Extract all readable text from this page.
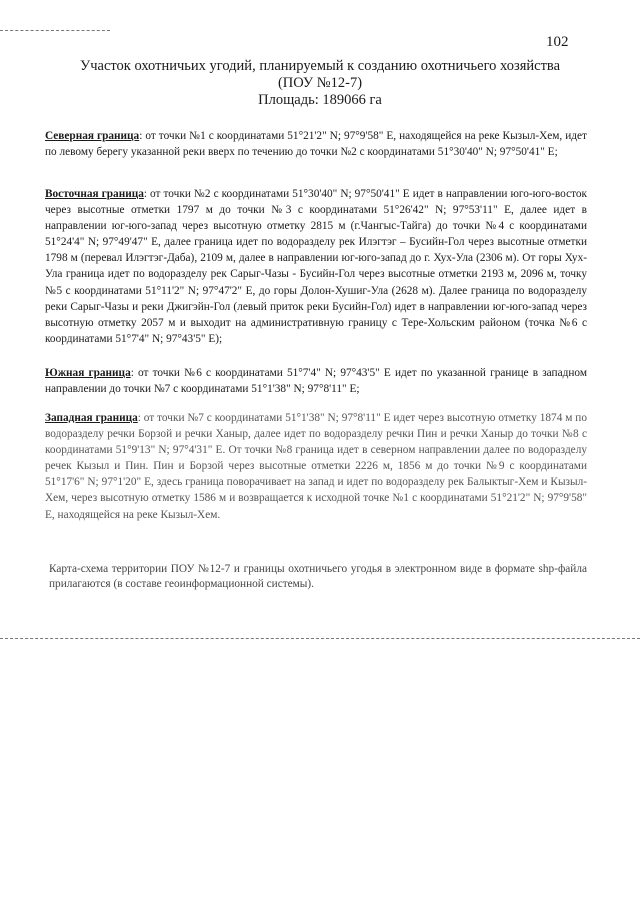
102
Участок охотничьих угодий, планируемый к созданию охотничьего хозяйства
(ПОУ №12-7)
Площадь: 189066 га
Северная граница: от точки №1 с координатами 51°21'2" N; 97°9'58" E, находящейся на реке Кызыл-Хем, идет по левому берегу указанной реки вверх по течению до точки №2 с координатами 51°30'40" N; 97°50'41" E;
Восточная граница: от точки №2 с координатами 51°30'40" N; 97°50'41" E идет в направлении юго-юго-восток через высотные отметки 1797 м до точки №3 с координатами 51°26'42" N; 97°53'11" E, далее идет в направлении юг-юго-запад через высотную отметку 2815 м (г.Чангыс-Тайга) до точки №4 с координатами 51°24'4" N; 97°49'47" E, далее граница идет по водоразделу рек Илэгтэг – Бусийн-Гол через высотные отметки 1798 м (перевал Илэгтэг-Даба), 2109 м, далее в направлении юг-юго-запад до г. Хух-Ула (2306 м). От горы Хух-Ула граница идет по водоразделу рек Сарыг-Чазы - Бусийн-Гол через высотные отметки 2193 м, 2096 м, точку №5 с координатами 51°11'2" N; 97°47'2" E, до горы Долон-Хушиг-Ула (2628 м). Далее граница по водоразделу реки Сарыг-Чазы и реки Джигэйн-Гол (левый приток реки Бусийн-Гол) идет в направлении юг-юго-запад через высотную отметку 2057 м и выходит на административную границу с Тере-Хольским районом (точка №6 с координатами 51°7'4" N; 97°43'5" E);
Южная граница: от точки №6 с координатами 51°7'4" N; 97°43'5" E идет по указанной границе в западном направлении до точки №7 с координатами 51°1'38" N; 97°8'11" E;
Западная граница: от точки №7 с координатами 51°1'38" N; 97°8'11" E идет через высотную отметку 1874 м по водоразделу речки Борзой и речки Ханыр, далее идет по водоразделу речки Пин и речки Ханыр до точки №8 с координатами 51°9'13" N; 97°4'31" E. От точки №8 граница идет в северном направлении далее по водоразделу речек Кызыл и Пин. Пин и Борзой через высотные отметки 2226 м, 1856 м до точки №9 с координатами 51°17'6" N; 97°1'20" E, здесь граница поворачивает на запад и идет по водоразделу рек Балыктыг-Хем и Кызыл-Хем, через высотную отметку 1586 м и возвращается к исходной точке №1 с координатами 51°21'2" N; 97°9'58" E, находящейся на реке Кызыл-Хем.
Карта-схема территории ПОУ №12-7 и границы охотничьего угодья в электронном виде в формате shp-файла прилагаются (в составе геоинформационной системы).
